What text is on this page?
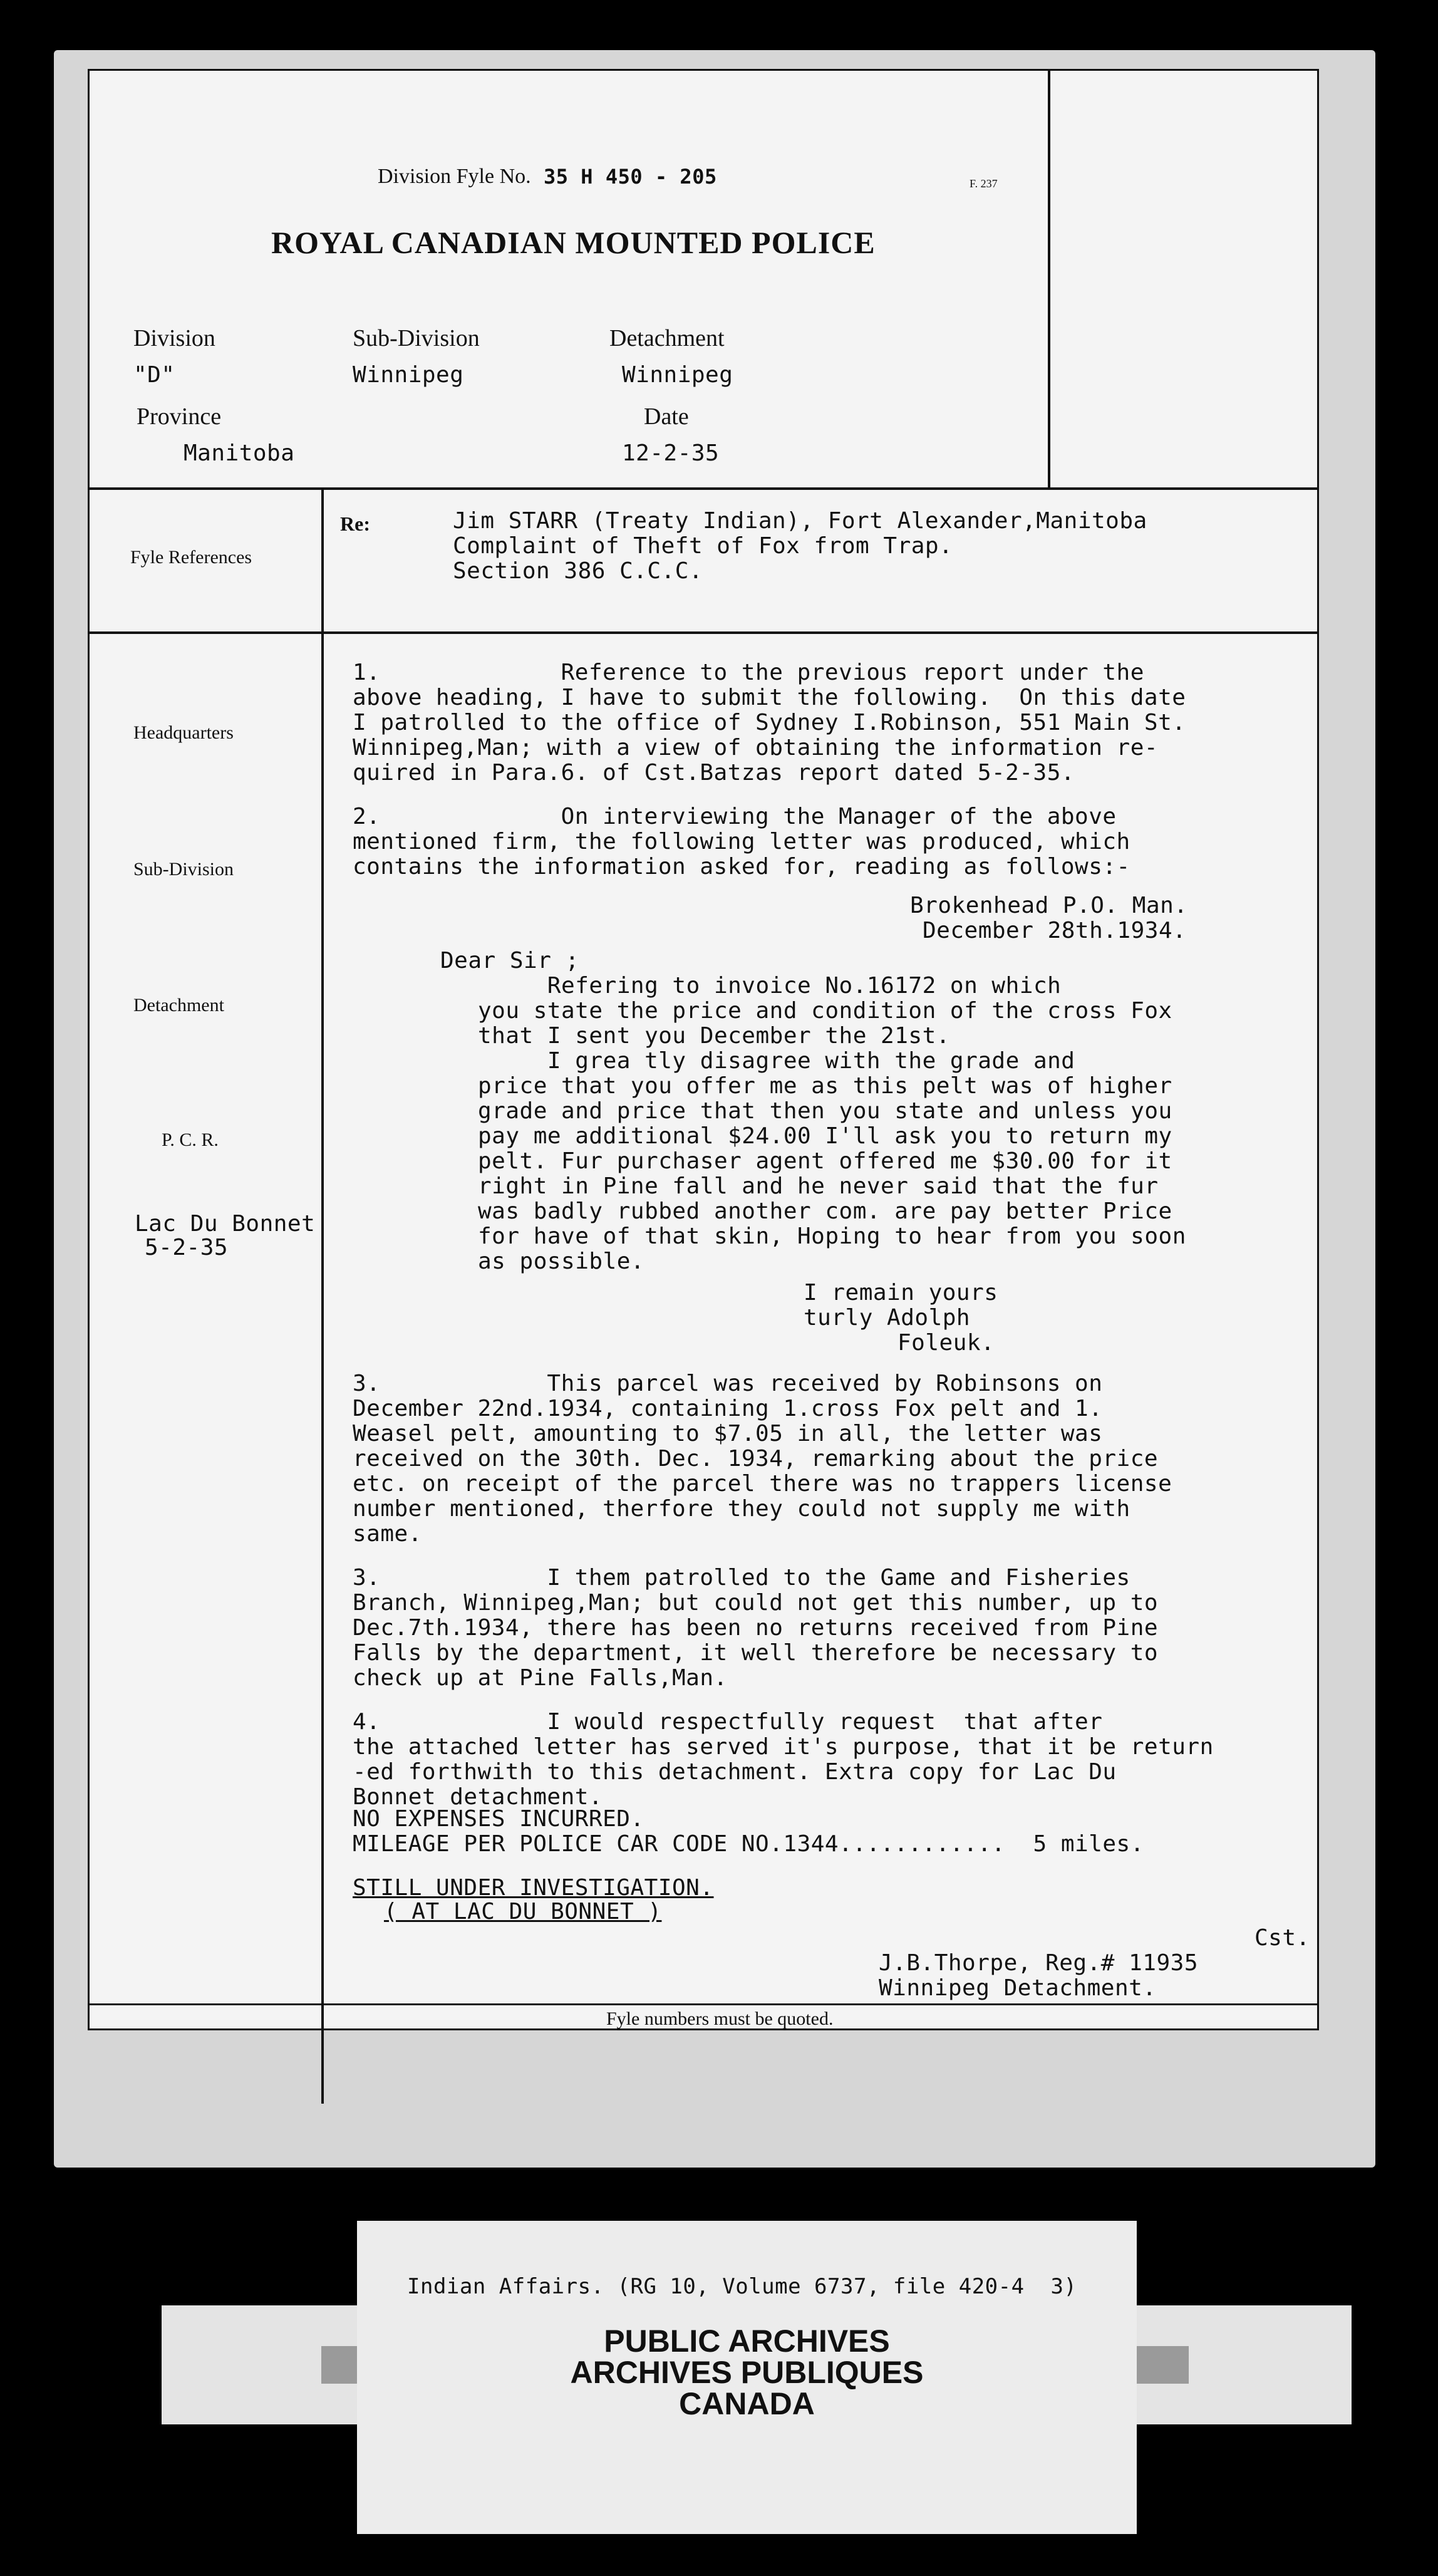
Division Fyle No. 35 H 450 - 205	F. 237
ROYAL CANADIAN MOUNTED POLICE
Division
"D"
Sub-Division
Winnipeg
Detachment
Winnipeg
Province
Manitoba
Date
12-2-35
Fyle References
Headquarters
Sub-Division
Detachment
P. C. R.
Lac Du Bonnet
5-2-35
Re:	Jim STARR (Treaty Indian), Fort Alexander,Manitoba
Complaint of Theft of Fox from Trap.
Section 386 C.C.C.
1.             Reference to the previous report under the
above heading, I have to submit the following.  On this date
I patrolled to the office of Sydney I.Robinson, 551 Main St.
Winnipeg,Man; with a view of obtaining the information re-
quired in Para.6. of Cst.Batzas report dated 5-2-35.
2.             On interviewing the Manager of the above
mentioned firm, the following letter was produced, which
contains the information asked for, reading as follows:-
Brokenhead P.O. Man.
December 28th.1934.
Dear Sir ;
Refering to invoice No.16172 on which
you state the price and condition of the cross Fox
that I sent you December the 21st.
I grea tly disagree with the grade and
price that you offer me as this pelt was of higher
grade and price that then you state and unless you
pay me additional $24.00 I'll ask you to return my
pelt. Fur purchaser agent offered me $30.00 for it
right in Pine fall and he never said that the fur
was badly rubbed another com. are pay better Price
for have of that skin, Hoping to hear from you soon
as possible.
I remain yours
turly Adolph
Foleuk.
3.            This parcel was received by Robinsons on
December 22nd.1934, containing 1.cross Fox pelt and 1.
Weasel pelt, amounting to $7.05 in all, the letter was
received on the 30th. Dec. 1934, remarking about the price
etc. on receipt of the parcel there was no trappers license
number mentioned, therfore they could not supply me with
same.
3.            I them patrolled to the Game and Fisheries
Branch, Winnipeg,Man; but could not get this number, up to
Dec.7th.1934, there has been no returns received from Pine
Falls by the department, it well therefore be necessary to
check up at Pine Falls,Man.
4.            I would respectfully request  that after
the attached letter has served it's purpose, that it be return
-ed forthwith to this detachment. Extra copy for Lac Du
Bonnet detachment.
NO EXPENSES INCURRED.
MILEAGE PER POLICE CAR CODE NO.1344............  5 miles.
STILL UNDER INVESTIGATION.
( AT LAC DU BONNET )
Cst.
J.B.Thorpe, Reg.# 11935
Winnipeg Detachment.
Fyle numbers must be quoted.
Indian Affairs. (RG 10, Volume 6737, file 420-4  3)
PUBLIC ARCHIVES
ARCHIVES PUBLIQUES
CANADA
